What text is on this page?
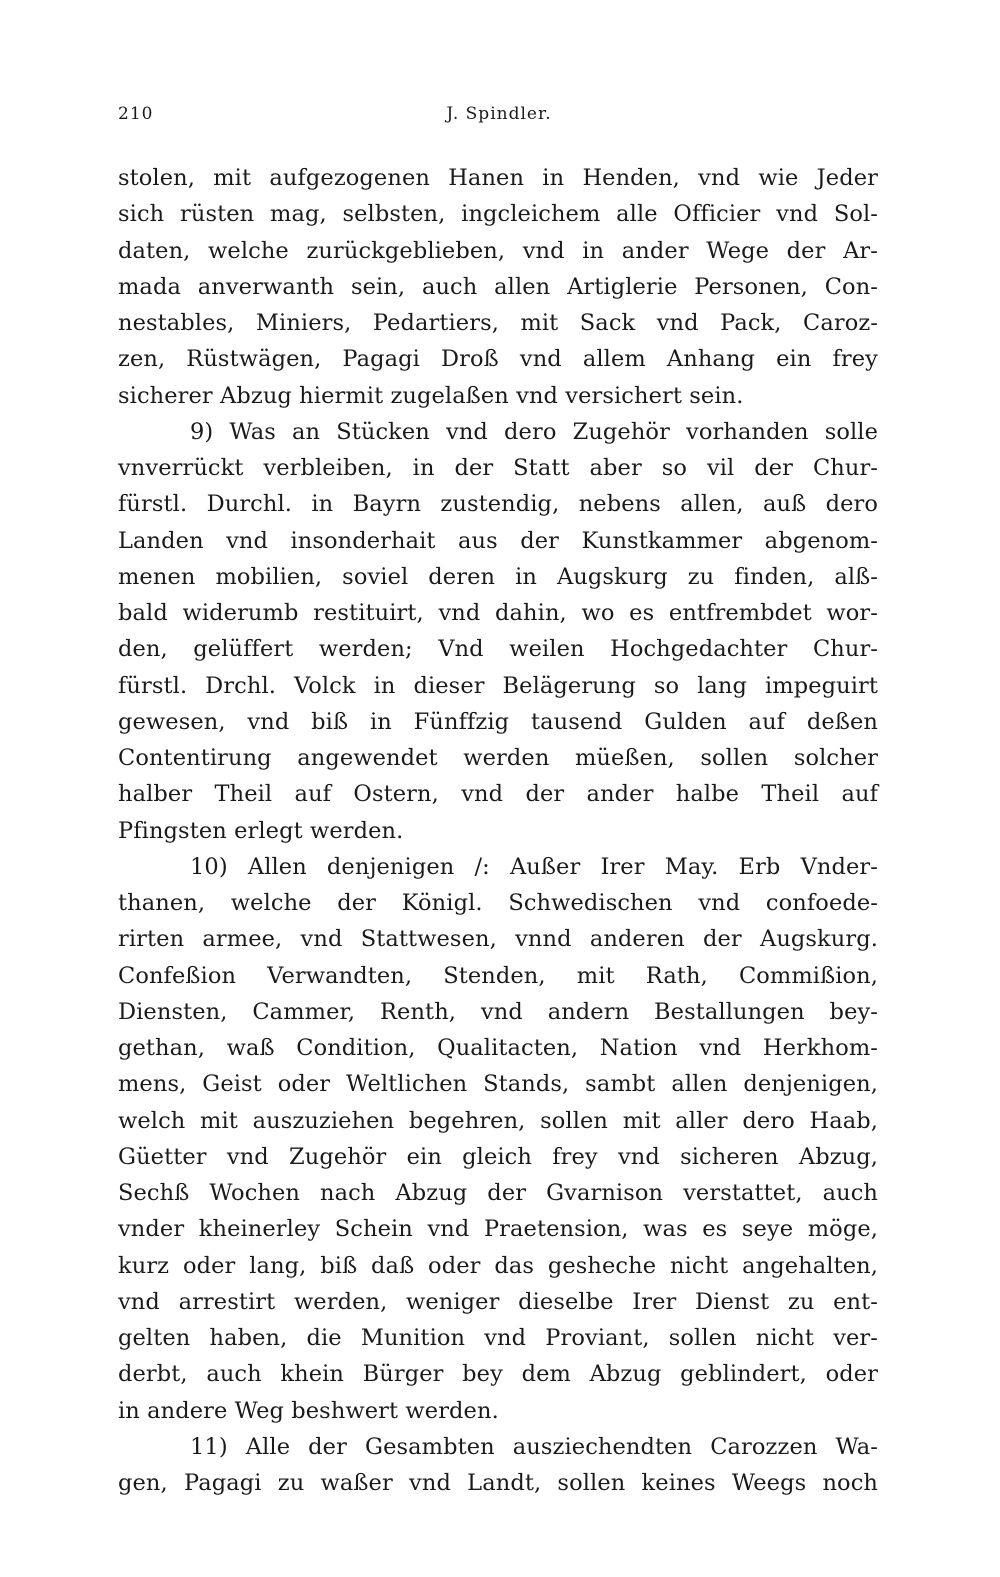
210	J. Spindler.
stolen, mit aufgezogenen Hanen in Henden, vnd wie Jeder
sich rüsten mag, selbsten, ingcleichem alle Officier vnd Sol-
daten, welche zurückgeblieben, vnd in ander Wege der Ar-
mada anverwanth sein, auch allen Artiglerie Personen, Con-
nestables, Miniers, Pedartiers, mit Sack vnd Pack, Caroz-
zen, Rüstwägen, Pagagi Droß vnd allem Anhang ein frey
sicherer Abzug hiermit zugelaßen vnd versichert sein.
9) Was an Stücken vnd dero Zugehör vorhanden solle
vnverrückt verbleiben, in der Statt aber so vil der Chur-
fürstl. Durchl. in Bayrn zustendig, nebens allen, auß dero
Landen vnd insonderhait aus der Kunstkammer abgenom-
menen mobilien, soviel deren in Augskurg zu finden, alß-
bald widerumb restituirt, vnd dahin, wo es entfrembdet wor-
den, gelüffert werden; Vnd weilen Hochgedachter Chur-
fürstl. Drchl. Volck in dieser Belägerung so lang impeguirt
gewesen, vnd biß in Fünffzig tausend Gulden auf deßen
Contentirung angewendet werden müeßen, sollen solcher
halber Theil auf Ostern, vnd der ander halbe Theil auf
Pfingsten erlegt werden.
10) Allen denjenigen /: Außer Irer May. Erb Vnder-
thanen, welche der Königl. Schwedischen vnd confoede-
rirten armee, vnd Stattwesen, vnnd anderen der Augskurg.
Confeßion Verwandten, Stenden, mit Rath, Commißion,
Diensten, Cammer, Renth, vnd andern Bestallungen bey-
gethan, waß Condition, Qualitacten, Nation vnd Herkhom-
mens, Geist oder Weltlichen Stands, sambt allen denjenigen,
welch mit auszuziehen begehren, sollen mit aller dero Haab,
Güetter vnd Zugehör ein gleich frey vnd sicheren Abzug,
Sechß Wochen nach Abzug der Gvarnison verstattet, auch
vnder kheinerley Schein vnd Praetension, was es seye möge,
kurz oder lang, biß daß oder das gesheche nicht angehalten,
vnd arrestirt werden, weniger dieselbe Irer Dienst zu ent-
gelten haben, die Munition vnd Proviant, sollen nicht ver-
derbt, auch khein Bürger bey dem Abzug geblindert, oder
in andere Weg beshwert werden.
11) Alle der Gesambten ausziechendten Carozzen Wa-
gen, Pagagi zu waßer vnd Landt, sollen keines Weegs noch
